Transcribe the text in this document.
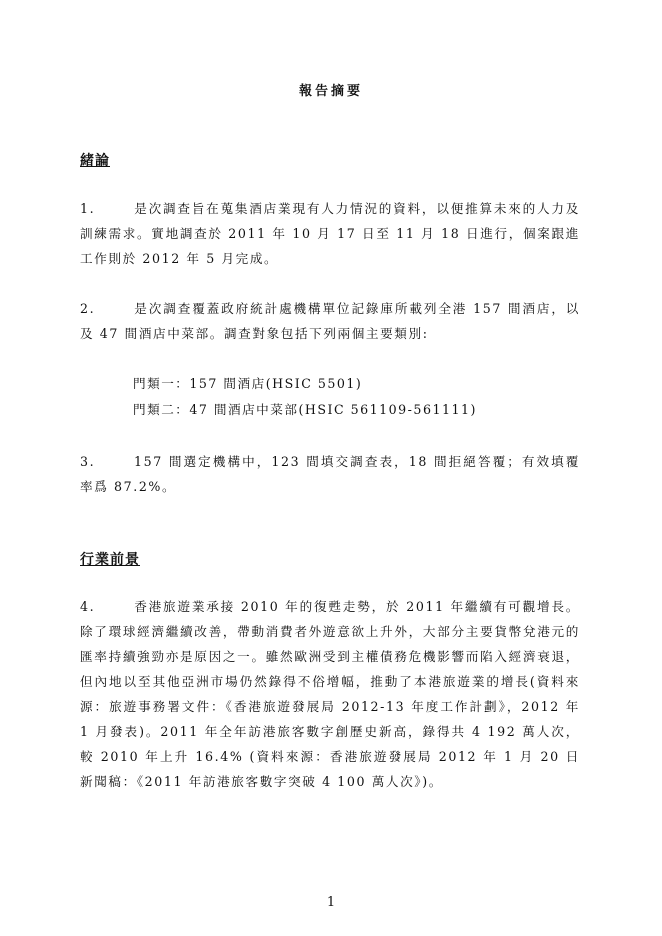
報告摘要
緒論
1.	是次調查旨在蒐集酒店業現有人力情況的資料，以便推算未來的人力及訓練需求。實地調查於 2011 年 10 月 17 日至 11 月 18 日進行，個案跟進工作則於 2012 年 5 月完成。
2.	是次調查覆蓋政府統計處機構單位記錄庫所載列全港 157 間酒店，以及 47 間酒店中菜部。調查對象包括下列兩個主要類別:
門類一：157 間酒店(HSIC 5501)
門類二：47 間酒店中菜部(HSIC 561109-561111)
3.	157 間選定機構中，123 間填交調查表，18 間拒絕答覆；有效填覆率爲 87.2%。
行業前景
4.	香港旅遊業承接 2010 年的復甦走勢，於 2011 年繼續有可觀增長。除了環球經濟繼續改善，帶動消費者外遊意欲上升外，大部分主要貨幣兌港元的匯率持續強勁亦是原因之一。雖然歐洲受到主權債務危機影響而陷入經濟衰退，但內地以至其他亞洲市場仍然錄得不俗增幅，推動了本港旅遊業的增長(資料來源：旅遊事務署文件：《香港旅遊發展局 2012-13 年度工作計劃》，2012 年 1 月發表)。2011 年全年訪港旅客數字創歷史新高，錄得共 4 192 萬人次，較 2010 年上升 16.4% (資料來源：香港旅遊發展局 2012 年 1 月 20 日新聞稿：《2011 年訪港旅客數字突破 4 100 萬人次》)。
1
